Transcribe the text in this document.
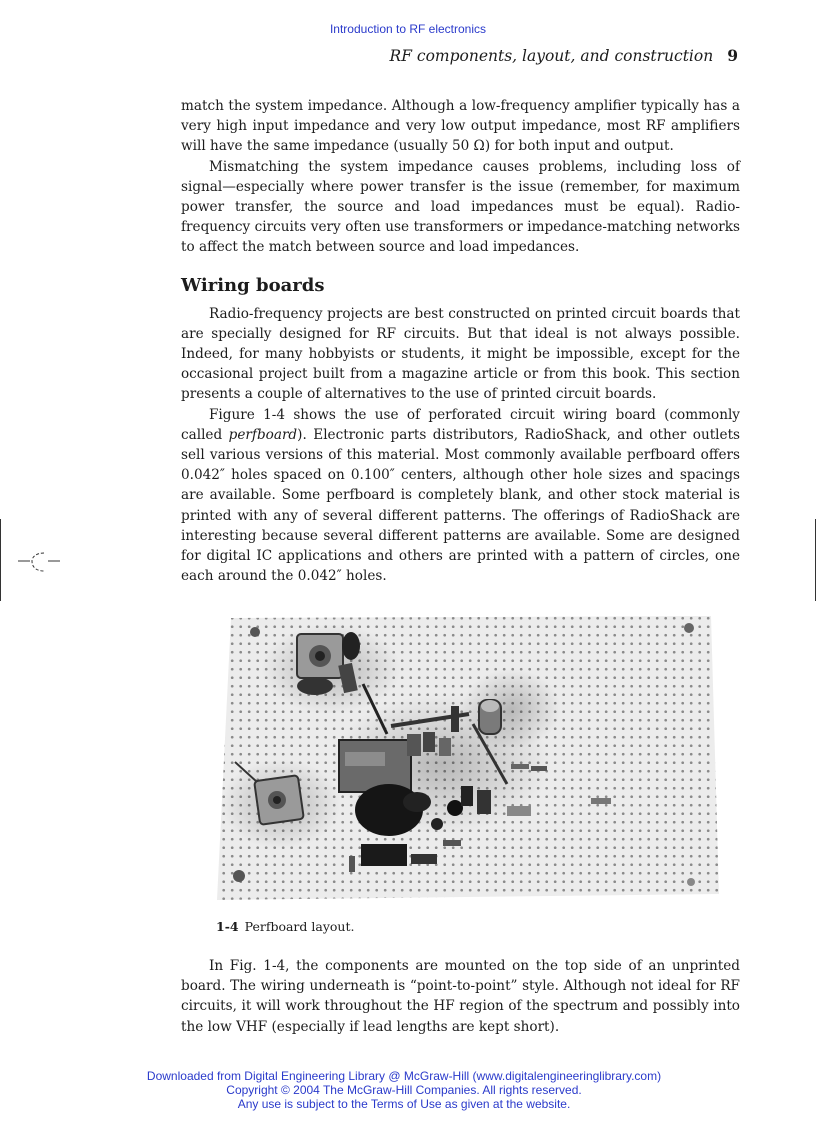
Introduction to RF electronics
RF components, layout, and construction 9

match the system impedance. Although a low-frequency amplifier typically has a very high input impedance and very low output impedance, most RF amplifiers will have the same impedance (usually 50 Ω) for both input and output.

Mismatching the system impedance causes problems, including loss of signal—especially where power transfer is the issue (remember, for maximum power transfer, the source and load impedances must be equal). Radio-frequency circuits very often use transformers or impedance-matching networks to affect the match between source and load impedances.

Wiring boards

Radio-frequency projects are best constructed on printed circuit boards that are specially designed for RF circuits. But that ideal is not always possible. Indeed, for many hobbyists or students, it might be impossible, except for the occasional project built from a magazine article or from this book. This section presents a couple of alternatives to the use of printed circuit boards.

Figure 1-4 shows the use of perforated circuit wiring board (commonly called perfboard). Electronic parts distributors, RadioShack, and other outlets sell various versions of this material. Most commonly available perfboard offers 0.042″ holes spaced on 0.100″ centers, although other hole sizes and spacings are available. Some perfboard is completely blank, and other stock material is printed with any of several different patterns. The offerings of RadioShack are interesting because several different patterns are available. Some are designed for digital IC applications and others are printed with a pattern of circles, one each around the 0.042″ holes.

1-4 Perfboard layout.

In Fig. 1-4, the components are mounted on the top side of an unprinted board. The wiring underneath is “point-to-point” style. Although not ideal for RF circuits, it will work throughout the HF region of the spectrum and possibly into the low VHF (especially if lead lengths are kept short).

Downloaded from Digital Engineering Library @ McGraw-Hill (www.digitalengineeringlibrary.com)
Copyright © 2004 The McGraw-Hill Companies. All rights reserved.
Any use is subject to the Terms of Use as given at the website.
